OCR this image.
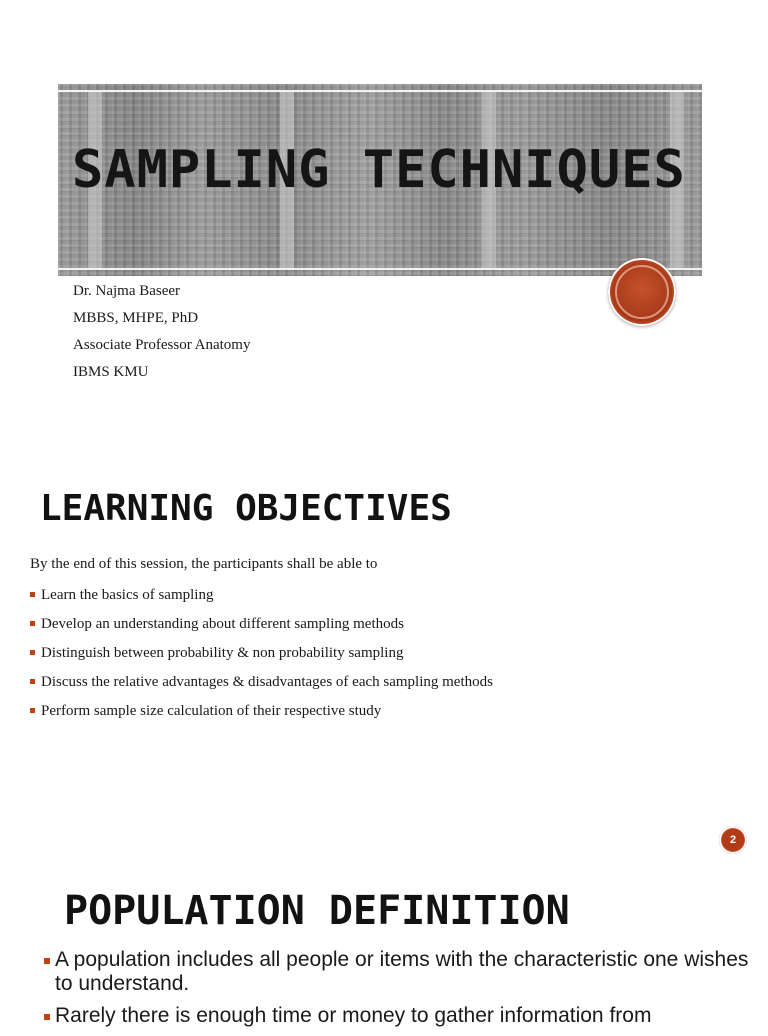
SAMPLING TECHNIQUES
Dr. Najma Baseer
MBBS, MHPE, PhD
Associate Professor Anatomy
IBMS KMU
LEARNING OBJECTIVES
By the end of this session, the participants shall be able to
Learn the basics of sampling
Develop an understanding about different sampling methods
Distinguish between probability & non probability sampling
Discuss the relative advantages & disadvantages of each sampling methods
Perform sample size calculation of their respective study
2
POPULATION DEFINITION
A population includes all people or items with the characteristic one wishes to understand.
Rarely there is enough time or money to gather information from
